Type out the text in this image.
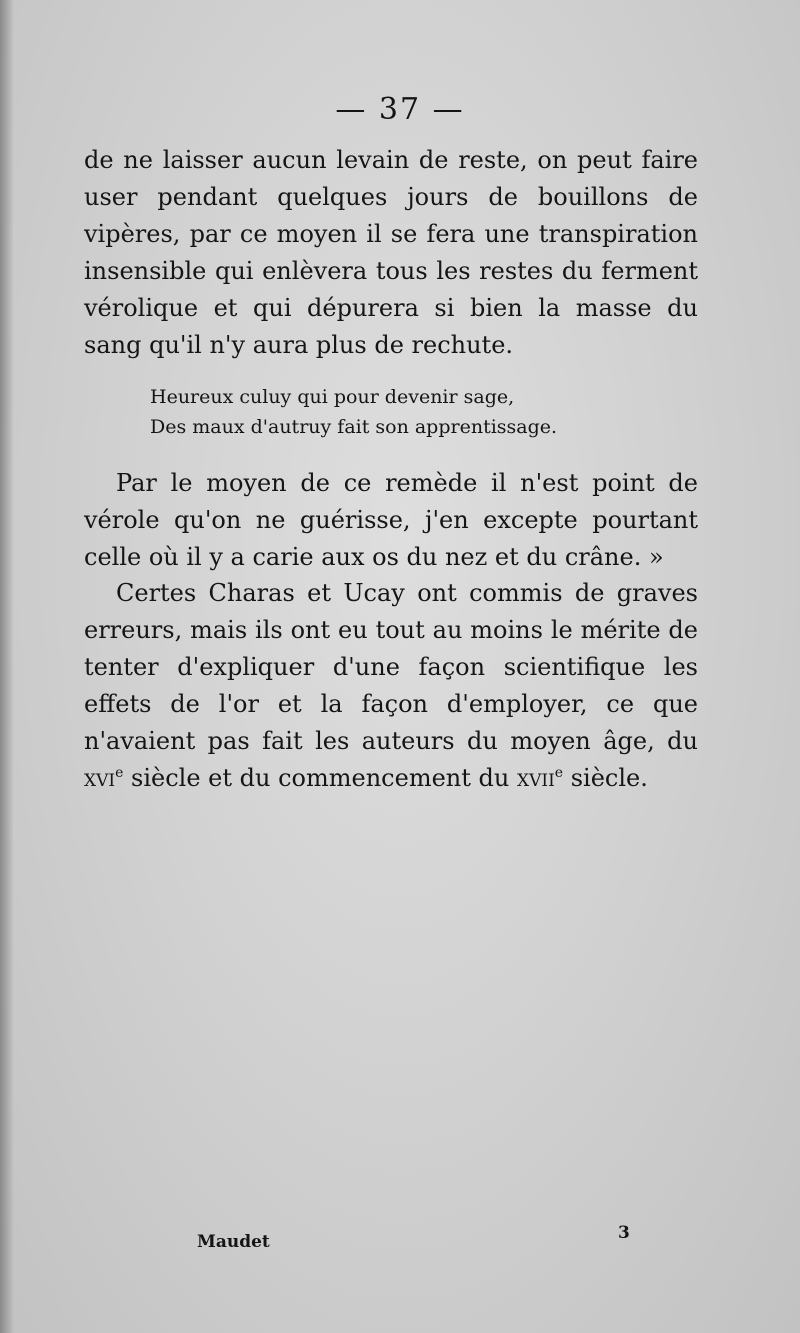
— 37 —

de ne laisser aucun levain de reste, on peut faire user pendant quelques jours de bouillons de vipères, par ce moyen il se fera une transpiration insensible qui enlèvera tous les restes du ferment vérolique et qui dépurera si bien la masse du sang qu'il n'y aura plus de rechute.

Heureux culuy qui pour devenir sage,
Des maux d'autruy fait son apprentissage.

Par le moyen de ce remède il n'est point de vérole qu'on ne guérisse, j'en excepte pourtant celle où il y a carie aux os du nez et du crâne. »

Certes Charas et Ucay ont commis de graves erreurs, mais ils ont eu tout au moins le mérite de tenter d'expliquer d'une façon scientifique les effets de l'or et la façon d'employer, ce que n'avaient pas fait les auteurs du moyen âge, du xvi$^e$ siècle et du commencement du xvii$^e$ siècle.

Maudet	3
